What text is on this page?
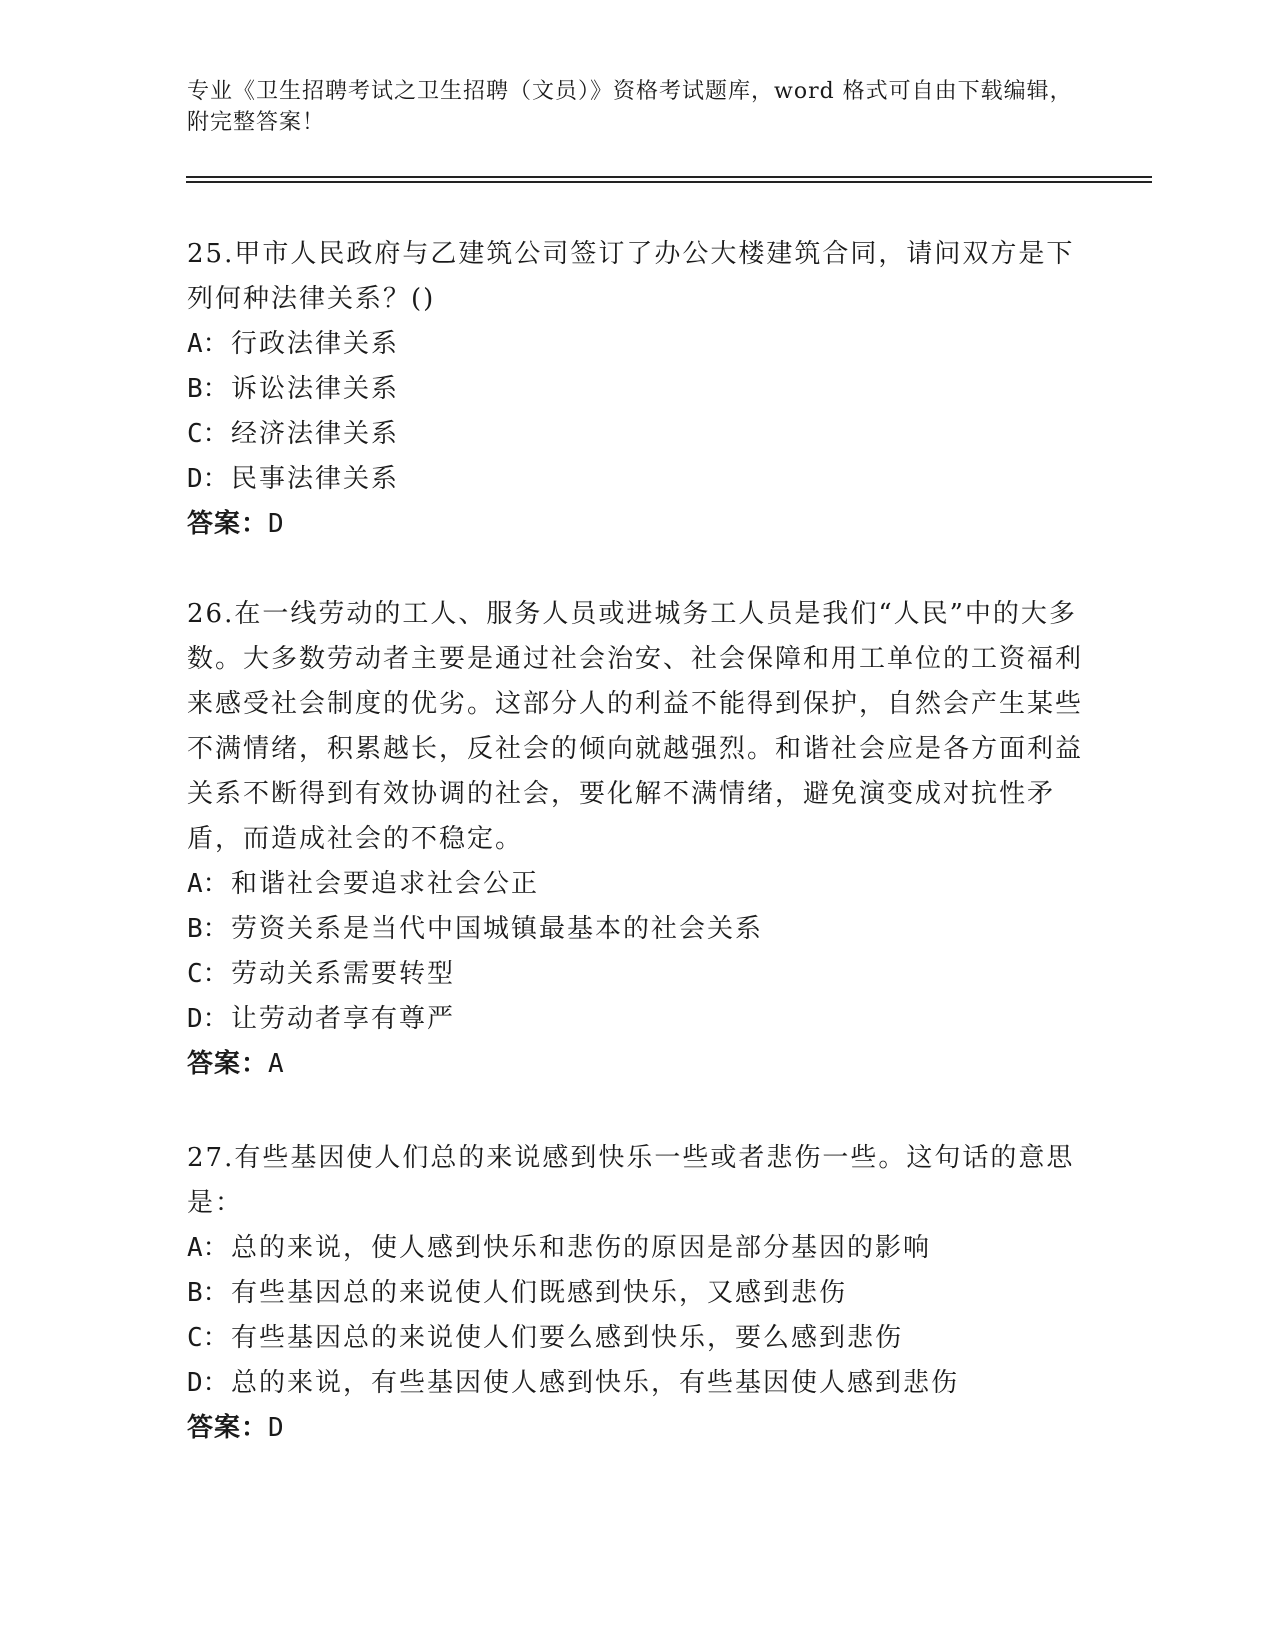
专业《卫生招聘考试之卫生招聘（文员）》资格考试题库，word 格式可自由下载编辑，附完整答案！

25.甲市人民政府与乙建筑公司签订了办公大楼建筑合同，请问双方是下列何种法律关系？()

A：行政法律关系

B：诉讼法律关系

C：经济法律关系

D：民事法律关系

答案：D

26.在一线劳动的工人、服务人员或进城务工人员是我们“人民”中的大多数。大多数劳动者主要是通过社会治安、社会保障和用工单位的工资福利来感受社会制度的优劣。这部分人的利益不能得到保护，自然会产生某些不满情绪，积累越长，反社会的倾向就越强烈。和谐社会应是各方面利益关系不断得到有效协调的社会，要化解不满情绪，避免演变成对抗性矛盾，而造成社会的不稳定。

A：和谐社会要追求社会公正

B：劳资关系是当代中国城镇最基本的社会关系

C：劳动关系需要转型

D：让劳动者享有尊严

答案：A

27.有些基因使人们总的来说感到快乐一些或者悲伤一些。这句话的意思是：

A：总的来说，使人感到快乐和悲伤的原因是部分基因的影响

B：有些基因总的来说使人们既感到快乐，又感到悲伤

C：有些基因总的来说使人们要么感到快乐，要么感到悲伤

D：总的来说，有些基因使人感到快乐，有些基因使人感到悲伤

答案：D
